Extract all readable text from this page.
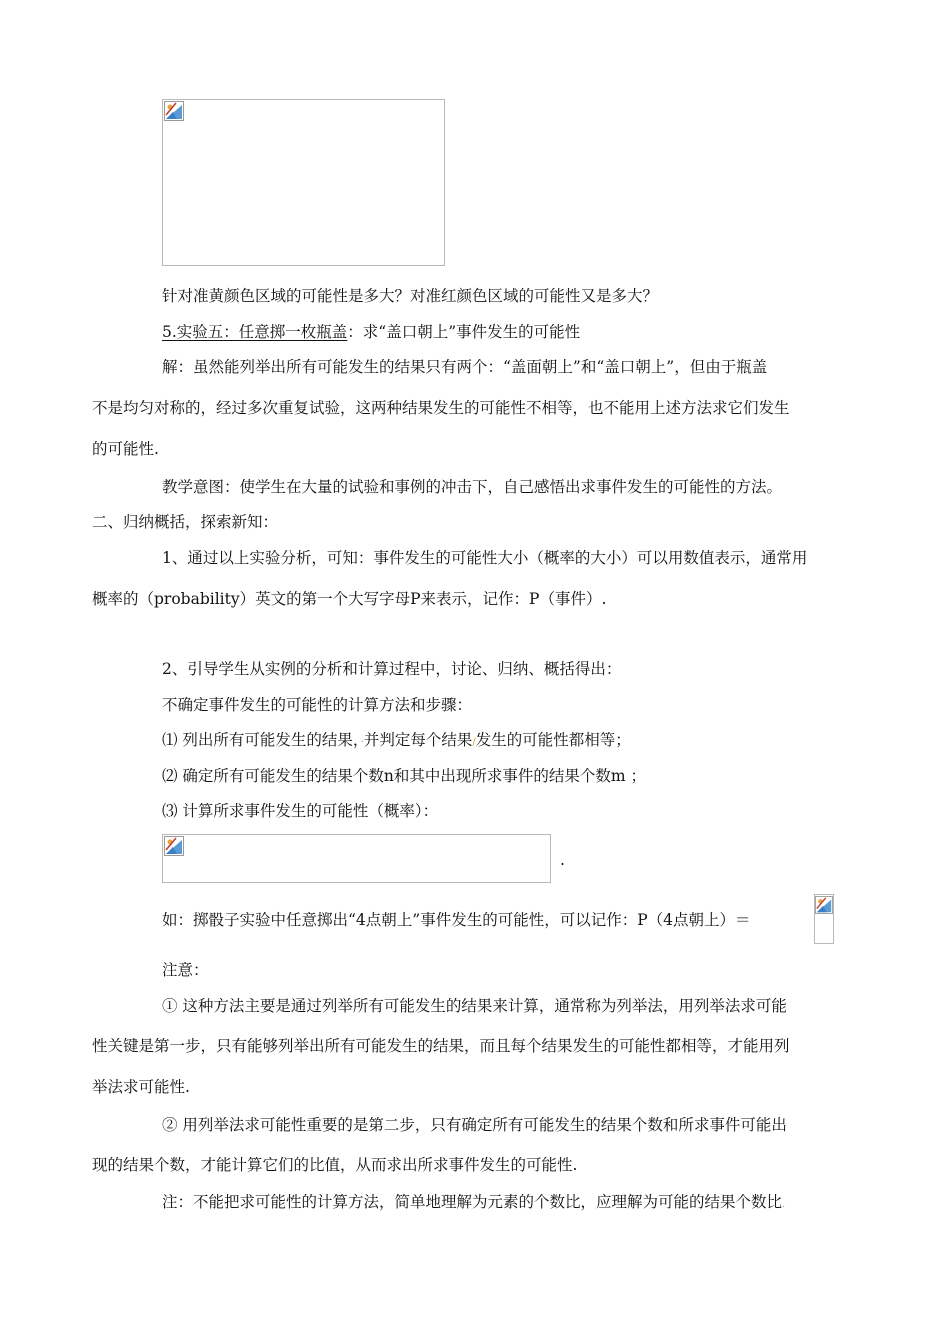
针对准黄颜色区域的可能性是多大？对准红颜色区域的可能性又是多大？
5.实验五：任意掷一枚瓶盖：求“盖口朝上”事件发生的可能性
解：虽然能列举出所有可能发生的结果只有两个：“盖面朝上”和“盖口朝上”，但由于瓶盖
不是均匀对称的，经过多次重复试验，这两种结果发生的可能性不相等，也不能用上述方法求它们发生
的可能性.
教学意图：使学生在大量的试验和事例的冲击下，自己感悟出求事件发生的可能性的方法。
二、归纳概括，探索新知：
1、通过以上实验分析，可知：事件发生的可能性大小（概率的大小）可以用数值表示，通常用
概率的（probability）英文的第一个大写字母P来表示，记作：P（事件）.
2、引导学生从实例的分析和计算过程中，讨论、归纳、概括得出：
不确定事件发生的可能性的计算方法和步骤：
⑴ 列出所有可能发生的结果，·并判定每个结果/发生的可能性都相等；
⑵ 确定所有可能发生的结果个数n和其中出现所求事件的结果个数m ；
⑶ 计算所求事件发生的可能性（概率）：
.
如：掷骰子实验中任意掷出“4点朝上”事件发生的可能性，可以记作：P（4点朝上）＝
注意：
① 这种方法主要是通过列举所有可能发生的结果来计算，通常称为列举法，用列举法求可能
性关键是第一步，只有能够列举出所有可能发生的结果，而且每个结果发生的可能性都相等，才能用列
举法求可能性.
② 用列举法求可能性重要的是第二步，只有确定所有可能发生的结果个数和所求事件可能出
现的结果个数，才能计算它们的比值，从而求出所求事件发生的可能性.
注：不能把求可能性的计算方法，简单地理解为元素的个数比，应理解为可能的结果个数比.
